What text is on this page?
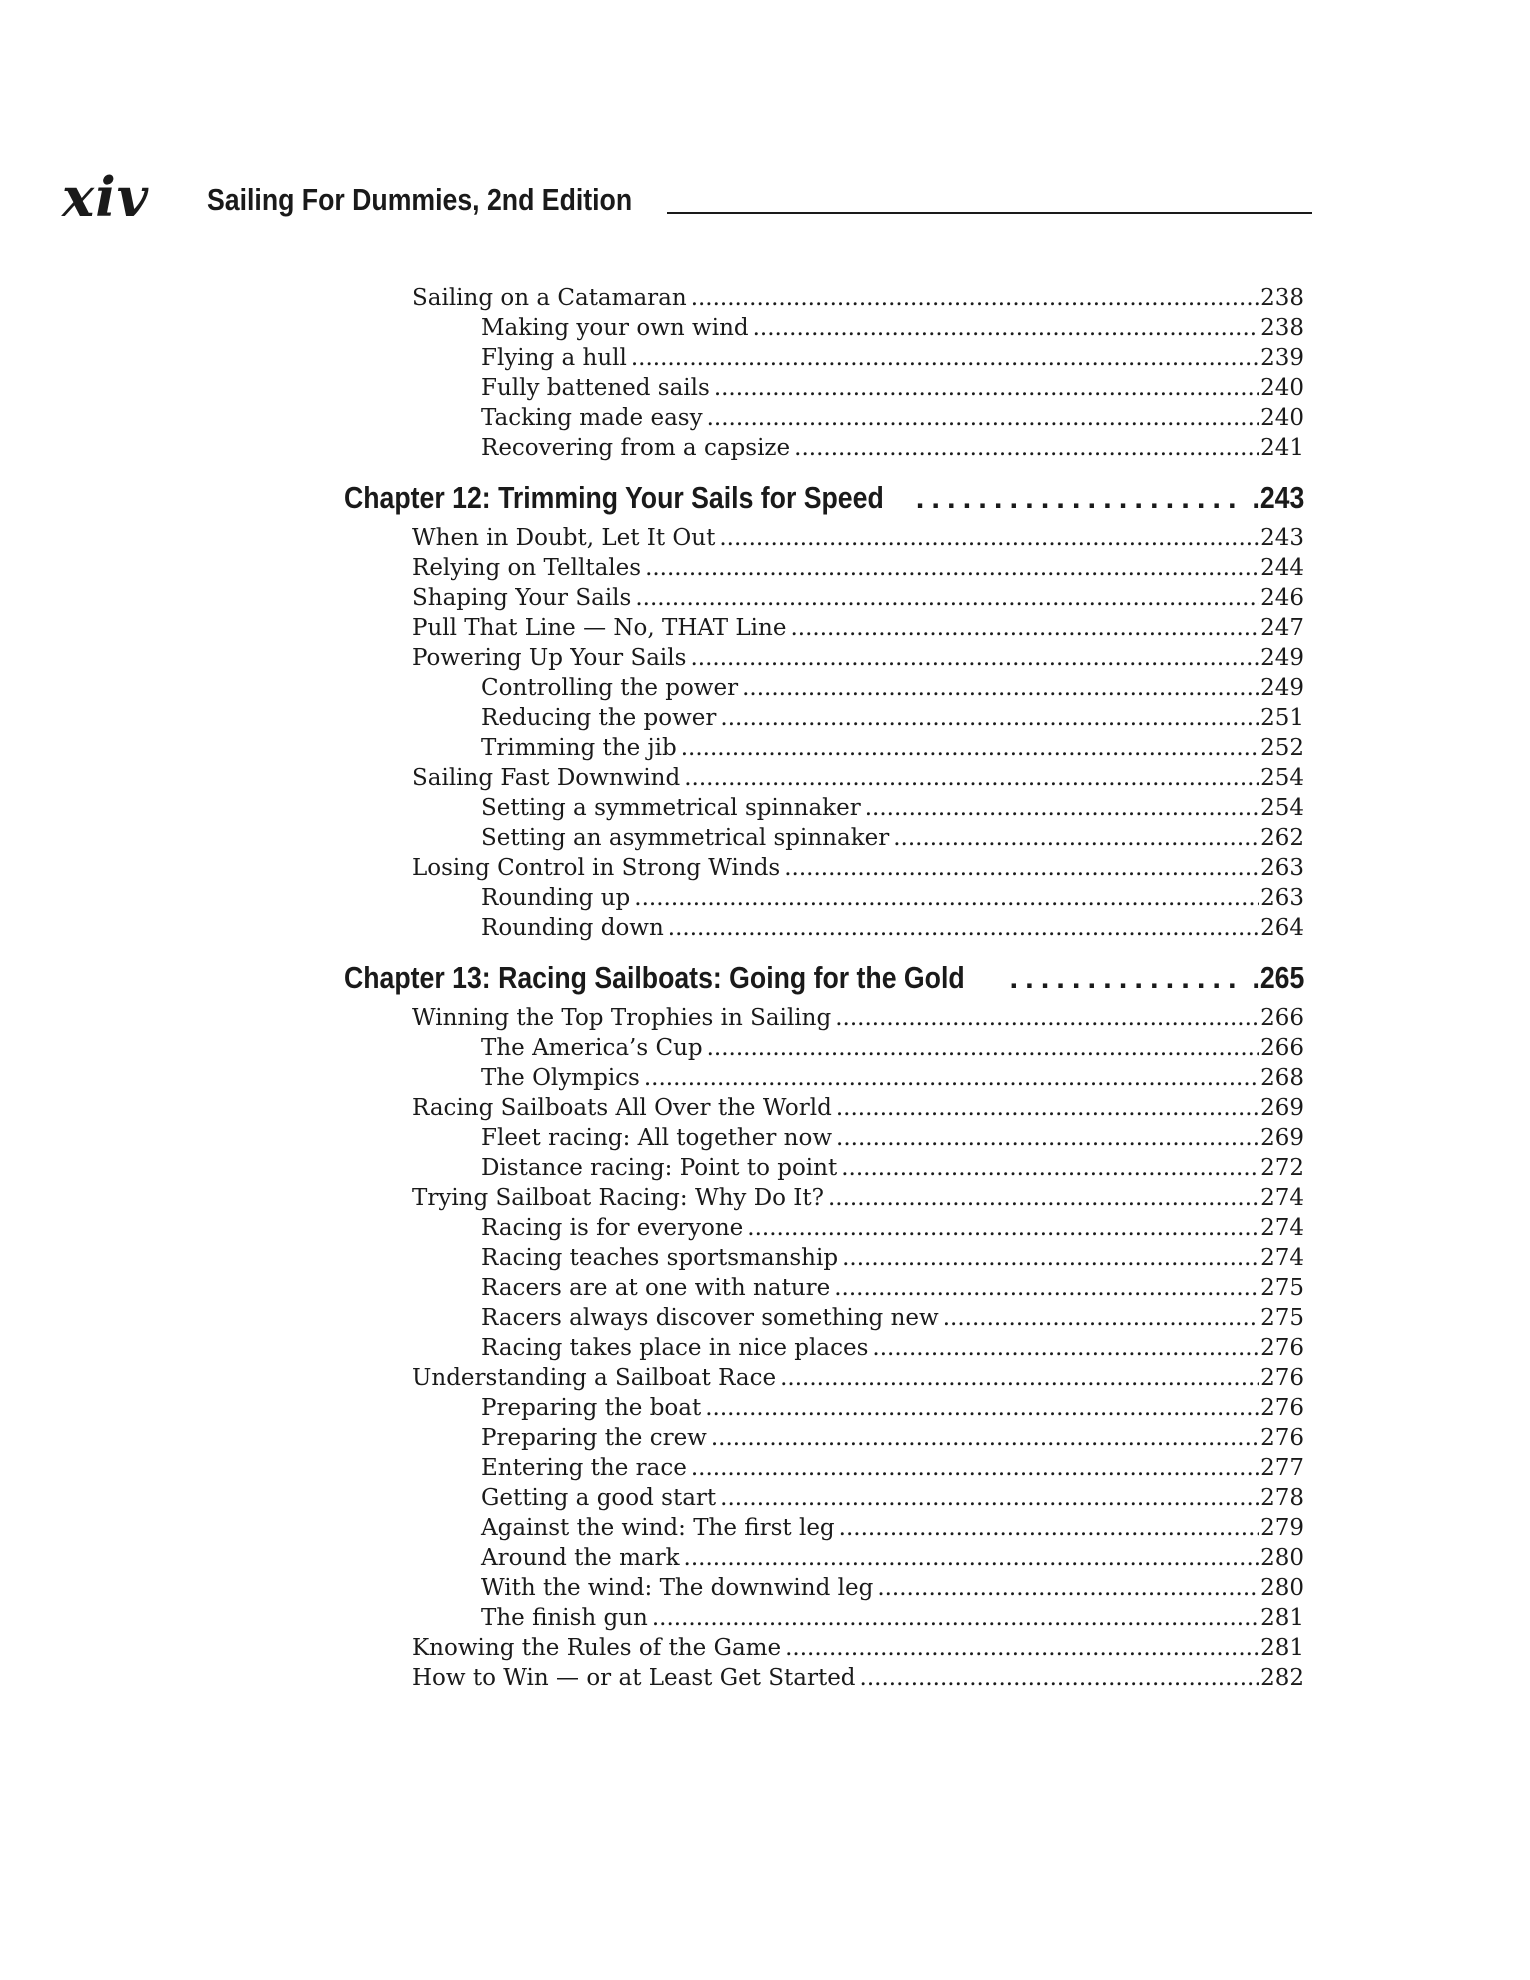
xiv Sailing For Dummies, 2nd Edition
Sailing on a Catamaran .....	238
Making your own wind .....	238
Flying a hull .....	239
Fully battened sails .....	240
Tacking made easy .....	240
Recovering from a capsize .....	241
Chapter 12: Trimming Your Sails for Speed .....	.243
When in Doubt, Let It Out .....	243
Relying on Telltales .....	244
Shaping Your Sails .....	246
Pull That Line — No, THAT Line .....	247
Powering Up Your Sails .....	249
Controlling the power .....	249
Reducing the power .....	251
Trimming the jib .....	252
Sailing Fast Downwind .....	254
Setting a symmetrical spinnaker .....	254
Setting an asymmetrical spinnaker .....	262
Losing Control in Strong Winds .....	263
Rounding up .....	263
Rounding down .....	264
Chapter 13: Racing Sailboats: Going for the Gold .....	.265
Winning the Top Trophies in Sailing .....	266
The America’s Cup .....	266
The Olympics .....	268
Racing Sailboats All Over the World .....	269
Fleet racing: All together now .....	269
Distance racing: Point to point .....	272
Trying Sailboat Racing: Why Do It? .....	274
Racing is for everyone .....	274
Racing teaches sportsmanship .....	274
Racers are at one with nature .....	275
Racers always discover something new .....	275
Racing takes place in nice places .....	276
Understanding a Sailboat Race .....	276
Preparing the boat .....	276
Preparing the crew .....	276
Entering the race .....	277
Getting a good start .....	278
Against the wind: The first leg .....	279
Around the mark .....	280
With the wind: The downwind leg .....	280
The finish gun .....	281
Knowing the Rules of the Game .....	281
How to Win — or at Least Get Started .....	282
